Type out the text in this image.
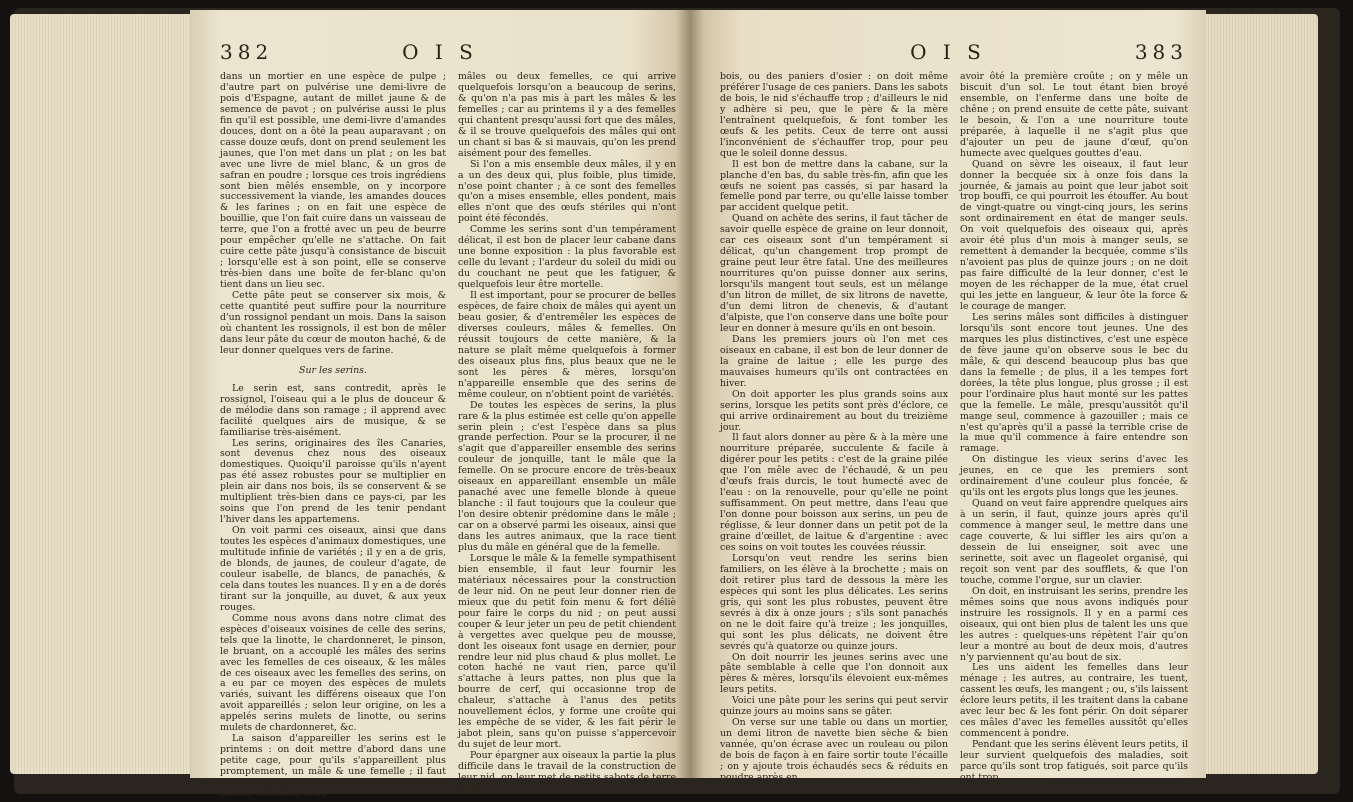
382	O I S

dans un mortier en une espèce de pulpe ; d'autre part on pulvérise une demi-livre de pois d'Espagne, autant de millet jaune & de semence de pavot ; on pulvérise aussi le plus fin qu'il est possible, une demi-livre d'amandes douces, dont on a ôté la peau auparavant ; on casse douze œufs, dont on prend seulement les jaunes, que l'on met dans un plat ; on les bat avec une livre de miel blanc, & un gros de safran en poudre ; lorsque ces trois ingrédiens sont bien mêlés ensemble, on y incorpore successivement la viande, les amandes douces & les farines ; on en fait une espèce de bouillie, que l'on fait cuire dans un vaisseau de terre, que l'on a frotté avec un peu de beurre pour empêcher qu'elle ne s'attache. On fait cuire cette pâte jusqu'à consistance de biscuit ; lorsqu'elle est à son point, elle se conserve très-bien dans une boîte de fer-blanc qu'on tient dans un lieu sec.

Cette pâte peut se conserver six mois, & cette quantité peut suffire pour la nourriture d'un rossignol pendant un mois. Dans la saison où chantent les rossignols, il est bon de mêler dans leur pâte du cœur de mouton haché, & de leur donner quelques vers de farine.

Sur les serins.

Le serin est, sans contredit, après le rossignol, l'oiseau qui a le plus de douceur & de mélodie dans son ramage ; il apprend avec facilité quelques airs de musique, & se familiarise très-aisément.

Les serins, originaires des îles Canaries, sont devenus chez nous des oiseaux domestiques. Quoiqu'il paroisse qu'ils n'ayent pas été assez robustes pour se multiplier en plein air dans nos bois, ils se conservent & se multiplient très-bien dans ce pays-ci, par les soins que l'on prend de les tenir pendant l'hiver dans les appartemens.

On voit parmi ces oiseaux, ainsi que dans toutes les espèces d'animaux domestiques, une multitude infinie de variétés ; il y en a de gris, de blonds, de jaunes, de couleur d'agate, de couleur isabelle, de blancs, de panachés, & cela dans toutes les nuances. Il y en a de dorés tirant sur la jonquille, au duvet, & aux yeux rouges.

Comme nous avons dans notre climat des espèces d'oiseaux voisines de celle des serins, tels que la linotte, le chardonneret, le pinson, le bruant, on a accouplé les mâles des serins avec les femelles de ces oiseaux, & les mâles de ces oiseaux avec les femelles des serins, on a eu par ce moyen des espèces de mulets variés, suivant les différens oiseaux que l'on avoit appareillés ; selon leur origine, on les a appelés serins mulets de linotte, ou serins mulets de chardonneret, &c.

La saison d'appareiller les serins est le printems : on doit mettre d'abord dans une petite cage, pour qu'ils s'appareillent plus promptement, un mâle & une femelle ; il faut prendre garde de se tromper, & de ne pas mettre ensemble deux

mâles ou deux femelles, ce qui arrive quelquefois lorsqu'on a beaucoup de serins, & qu'on n'a pas mis à part les mâles & les femelles ; car au printems il y a des femelles qui chantent presqu'aussi fort que des mâles, & il se trouve quelquefois des mâles qui ont un chant si bas & si mauvais, qu'on les prend aisément pour des femelles.

Si l'on a mis ensemble deux mâles, il y en a un des deux qui, plus foible, plus timide, n'ose point chanter ; à ce sont des femelles qu'on a mises ensemble, elles pondent, mais elles n'ont que des œufs stériles qui n'ont point été fécondés.

Comme les serins sont d'un tempérament délicat, il est bon de placer leur cabane dans une bonne exposition : la plus favorable est celle du levant ; l'ardeur du soleil du midi ou du couchant ne peut que les fatiguer, & quelquefois leur être mortelle.

Il est important, pour se procurer de belles espèces, de faire choix de mâles qui ayent un beau gosier, & d'entremêler les espèces de diverses couleurs, mâles & femelles. On réussit toujours de cette manière, & la nature se plaît même quelquefois à former des oiseaux plus fins, plus beaux que ne le sont les pères & mères, lorsqu'on n'appareille ensemble que des serins de même couleur, on n'obtient point de variétés.

De toutes les espèces de serins, la plus rare & la plus estimée est celle qu'on appelle serin plein ; c'est l'espèce dans sa plus grande perfection. Pour se la procurer, il ne s'agit que d'appareiller ensemble des serins couleur de jonquille, tant le mâle que la femelle. On se procure encore de très-beaux oiseaux en appareillant ensemble un mâle panaché avec une femelle blonde à queue blanche : il faut toujours que la couleur que l'on desire obtenir prédomine dans le mâle ; car on a observé parmi les oiseaux, ainsi que dans les autres animaux, que la race tient plus du mâle en général que de la femelle.

Lorsque le mâle & la femelle sympathisent bien ensemble, il faut leur fournir les matériaux nécessaires pour la construction de leur nid. On ne peut leur donner rien de mieux que du petit foin menu & fort déliè pour faire le corps du nid ; on peut aussi couper & leur jeter un peu de petit chiendent à vergettes avec quelque peu de mousse, dont les oiseaux font usage en dernier, pour rendre leur nid plus chaud & plus mollet. Le coton haché ne vaut rien, parce qu'il s'attache à leurs pattes, non plus que la bourre de cerf, qui occasionne trop de chaleur, s'attache à l'anus des petits nouvellement éclos, y forme une croûte qui les empêche de se vider, & les fait périr le jabot plein, sans qu'on puisse s'appercevoir du sujet de leur mort.

Pour épargner aux oiseaux la partie la plus difficile dans le travail de la construction de leur nid, on leur met de petits sabots de terre ou de

O I S	383

bois, ou des paniers d'osier : on doit même préférer l'usage de ces paniers. Dans les sabots de bois, le nid s'échauffe trop ; d'ailleurs le nid y adhère si peu, que le père & la mère l'entraînent quelquefois, & font tomber les œufs & les petits. Ceux de terre ont aussi l'inconvénient de s'échauffer trop, pour peu que le soleil donne dessus.

Il est bon de mettre dans la cabane, sur la planche d'en bas, du sable très-fin, afin que les œufs ne soient pas cassés, si par hasard la femelle pond par terre, ou qu'elle laisse tomber par accident quelque petit.

Quand on achète des serins, il faut tâcher de savoir quelle espèce de graine on leur donnoit, car ces oiseaux sont d'un tempérament si délicat, qu'un changement trop prompt de graine peut leur être fatal. Une des meilleures nourritures qu'on puisse donner aux serins, lorsqu'ils mangent tout seuls, est un mélange d'un litron de millet, de six litrons de navette, d'un demi litron de chenevis, & d'autant d'alpiste, que l'on conserve dans une boîte pour leur en donner à mesure qu'ils en ont besoin.

Dans les premiers jours où l'on met ces oiseaux en cabane, il est bon de leur donner de la graine de laitue ; elle les purge des mauvaises humeurs qu'ils ont contractées en hiver.

On doit apporter les plus grands soins aux serins, lorsque les petits sont près d'éclore, ce qui arrive ordinairement au bout du treizième jour.

Il faut alors donner au père & à la mère une nourriture préparée, succulente & facile à digérer pour les petits : c'est de la graine pilée que l'on mêle avec de l'échaudé, & un peu d'œufs frais durcis, le tout humecté avec de l'eau : on la renouvelle, pour qu'elle ne point suffisamment. On peut mettre, dans l'eau que l'on donne pour boisson aux serins, un peu de réglisse, & leur donner dans un petit pot de la graine d'œillet, de laitue & d'argentine : avec ces soins on voit toutes les couvées réussir.

Lorsqu'on veut rendre les serins bien familiers, on les élève à la brochette ; mais on doit retirer plus tard de dessous la mère les espèces qui sont les plus délicates. Les serins gris, qui sont les plus robustes, peuvent être sevrés à dix à onze jours ; s'ils sont panachés on ne le doit faire qu'à treize ; les jonquilles, qui sont les plus délicats, ne doivent être sevrés qu'à quatorze ou quinze jours.

On doit nourrir les jeunes serins avec une pâte semblable à celle que l'on donnoit aux pères & mères, lorsqu'ils élevoient eux-mêmes leurs petits.

Voici une pâte pour les serins qui peut servir quinze jours au moins sans se gâter.

On verse sur une table ou dans un mortier, un demi litron de navette bien sèche & bien vannée, qu'on écrase avec un rouleau ou pilon de bois de façon à en faire sortir toute l'écaille ; on y ajoute trois échaudés secs & réduits en poudre après en

avoir ôté la première croûte ; on y mêle un biscuit d'un sol. Le tout étant bien broyé ensemble, on l'enferme dans une boîte de chêne ; on prend ensuite de cette pâte, suivant le besoin, & l'on a une nourriture toute préparée, à laquelle il ne s'agit plus que d'ajouter un peu de jaune d'œuf, qu'on humecte avec quelques gouttes d'eau.

Quand on sèvre les oiseaux, il faut leur donner la becquée six à onze fois dans la journée, & jamais au point que leur jabot soit trop bouffi, ce qui pourroit les étouffer. Au bout de vingt-quatre ou vingt-cinq jours, les serins sont ordinairement en état de manger seuls. On voit quelquefois des oiseaux qui, après avoir été plus d'un mois à manger seuls, se remettent à demander la becquée, comme s'ils n'avoient pas plus de quinze jours ; on ne doit pas faire difficulté de la leur donner, c'est le moyen de les réchapper de la mue, état cruel qui les jette en langueur, & leur ôte la force & le courage de manger.

Les serins mâles sont difficiles à distinguer lorsqu'ils sont encore tout jeunes. Une des marques les plus distinctives, c'est une espèce de fève jaune qu'on observe sous le bec du mâle, & qui descend beaucoup plus bas que dans la femelle ; de plus, il a les tempes fort dorées, la tête plus longue, plus grosse ; il est pour l'ordinaire plus haut monté sur les pattes que la femelle. Le mâle, presqu'aussitôt qu'il mange seul, commence à gazouiller ; mais ce n'est qu'après qu'il a passé la terrible crise de la mue qu'il commence à faire entendre son ramage.

On distingue les vieux serins d'avec les jeunes, en ce que les premiers sont ordinairement d'une couleur plus foncée, & qu'ils ont les ergots plus longs que les jeunes.

Quand on veut faire apprendre quelques airs à un serin, il faut, quinze jours après qu'il commence à manger seul, le mettre dans une cage couverte, & lui siffler les airs qu'on a dessein de lui enseigner, soit avec une serinette, soit avec un flageolet organisé, qui reçoit son vent par des soufflets, & que l'on touche, comme l'orgue, sur un clavier.

On doit, en instruisant les serins, prendre les mêmes soins que nous avons indiqués pour instruire les rossignols. Il y en a parmi ces oiseaux, qui ont bien plus de talent les uns que les autres : quelques-uns répètent l'air qu'on leur a montré au bout de deux mois, d'autres n'y parviennent qu'au bout de six.

Les uns aident les femelles dans leur ménage ; les autres, au contraire, les tuent, cassent les œufs, les mangent ; ou, s'ils laissent éclore leurs petits, il les traitent dans la cabane avec leur bec & les font périr. On doit séparer ces mâles d'avec les femelles aussitôt qu'elles commencent à pondre.

Pendant que les serins élèvent leurs petits, il leur survient quelquefois des maladies, soit parce qu'ils sont trop fatigués, soit parce qu'ils ont trop
